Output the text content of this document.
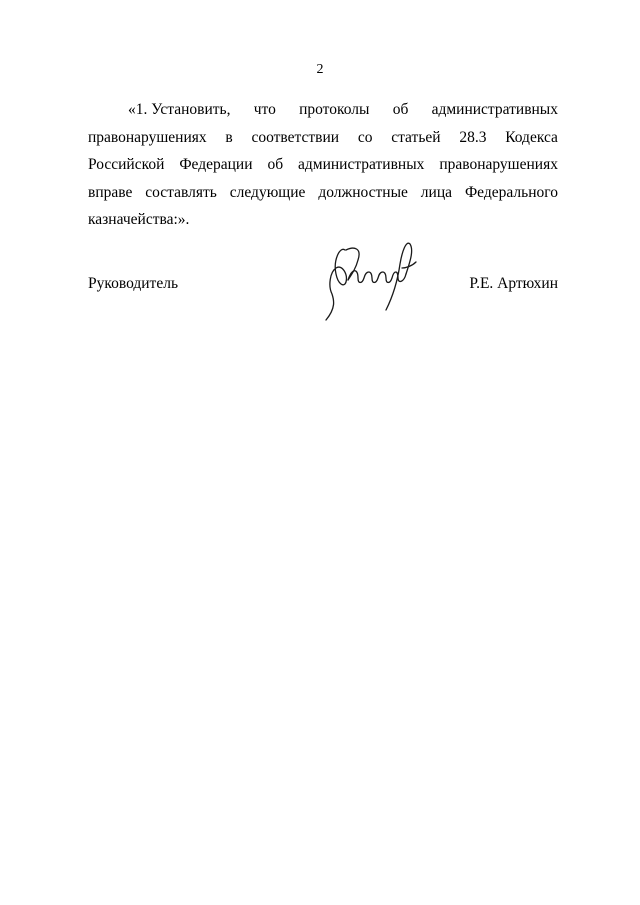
2
«1. Установить, что протоколы об административных
правонарушениях в соответствии со статьей 28.3 Кодекса
Российской Федерации об административных правонарушениях
вправе составлять следующие должностные лица Федерального
казначейства:».
Руководитель	Р.Е. Артюхин
